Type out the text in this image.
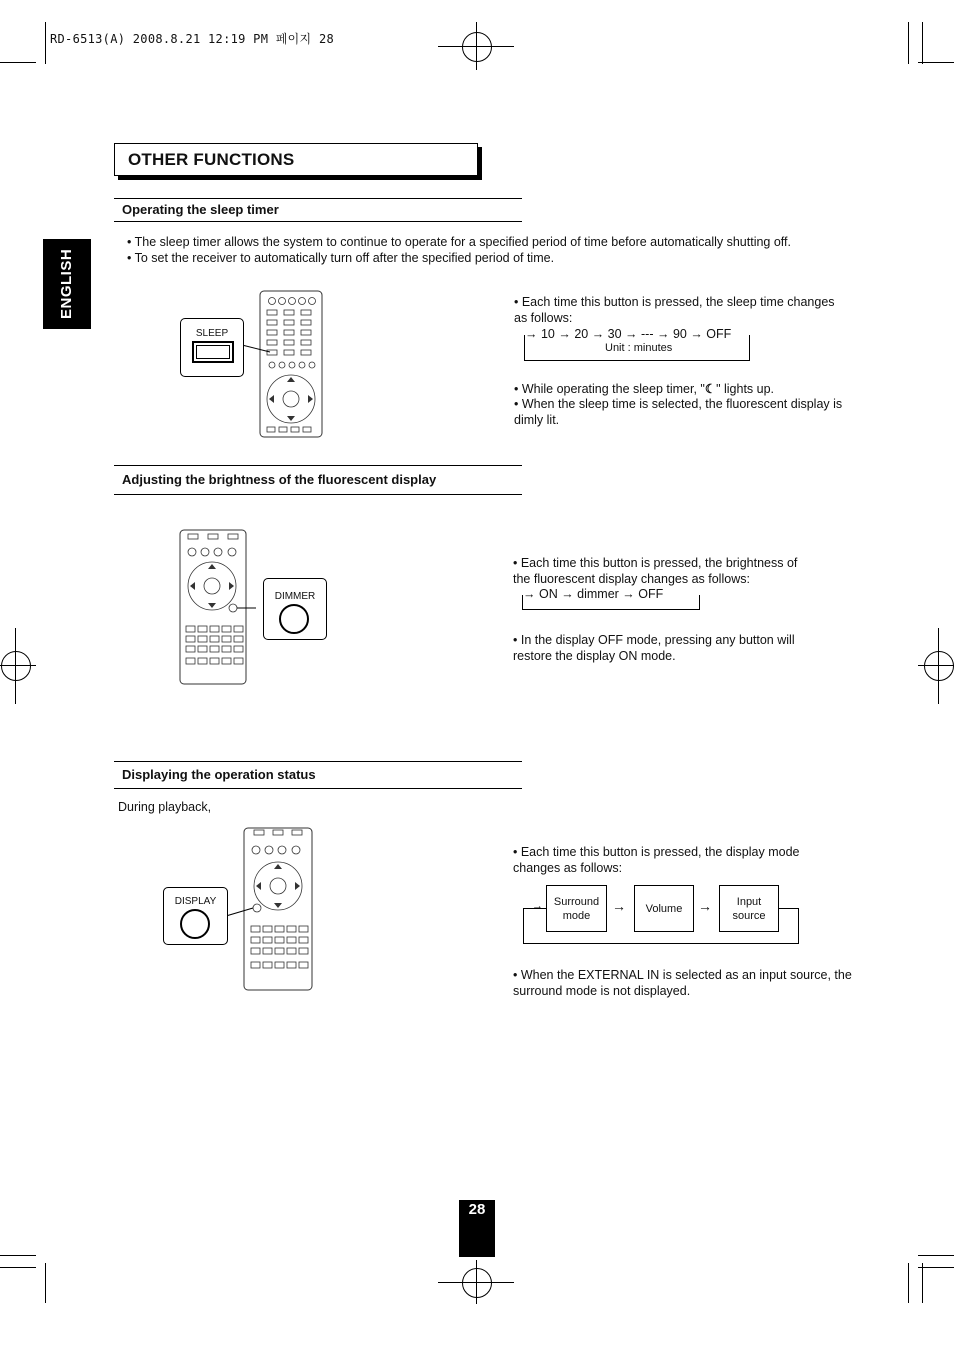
RD-6513(A) 2008.8.21 12:19 PM 페이지 28
OTHER FUNCTIONS
ENGLISH
Operating the sleep timer
• The sleep timer allows the system to continue to operate for a specified period of time before automatically shutting off.
• To set the receiver to automatically turn off after the specified period of time.
SLEEP
• Each time this button is pressed, the sleep time changes as follows:
→ 10 → 20 → 30 → --- → 90 → OFF
Unit : minutes
• While operating the sleep timer, "☾" lights up.
• When the sleep time is selected, the fluorescent display is dimly lit.
Adjusting the brightness of the fluorescent display
DIMMER
• Each time this button is pressed, the brightness of the fluorescent display changes as follows:
→ ON → dimmer → OFF
• In the display OFF mode, pressing any button will restore the display ON mode.
Displaying the operation status
During playback,
DISPLAY
• Each time this button is pressed, the display mode changes as follows:
→ Surround mode
→	Volume	→	Input source
• When the EXTERNAL IN is selected as an input source, the surround mode is not displayed.
28
